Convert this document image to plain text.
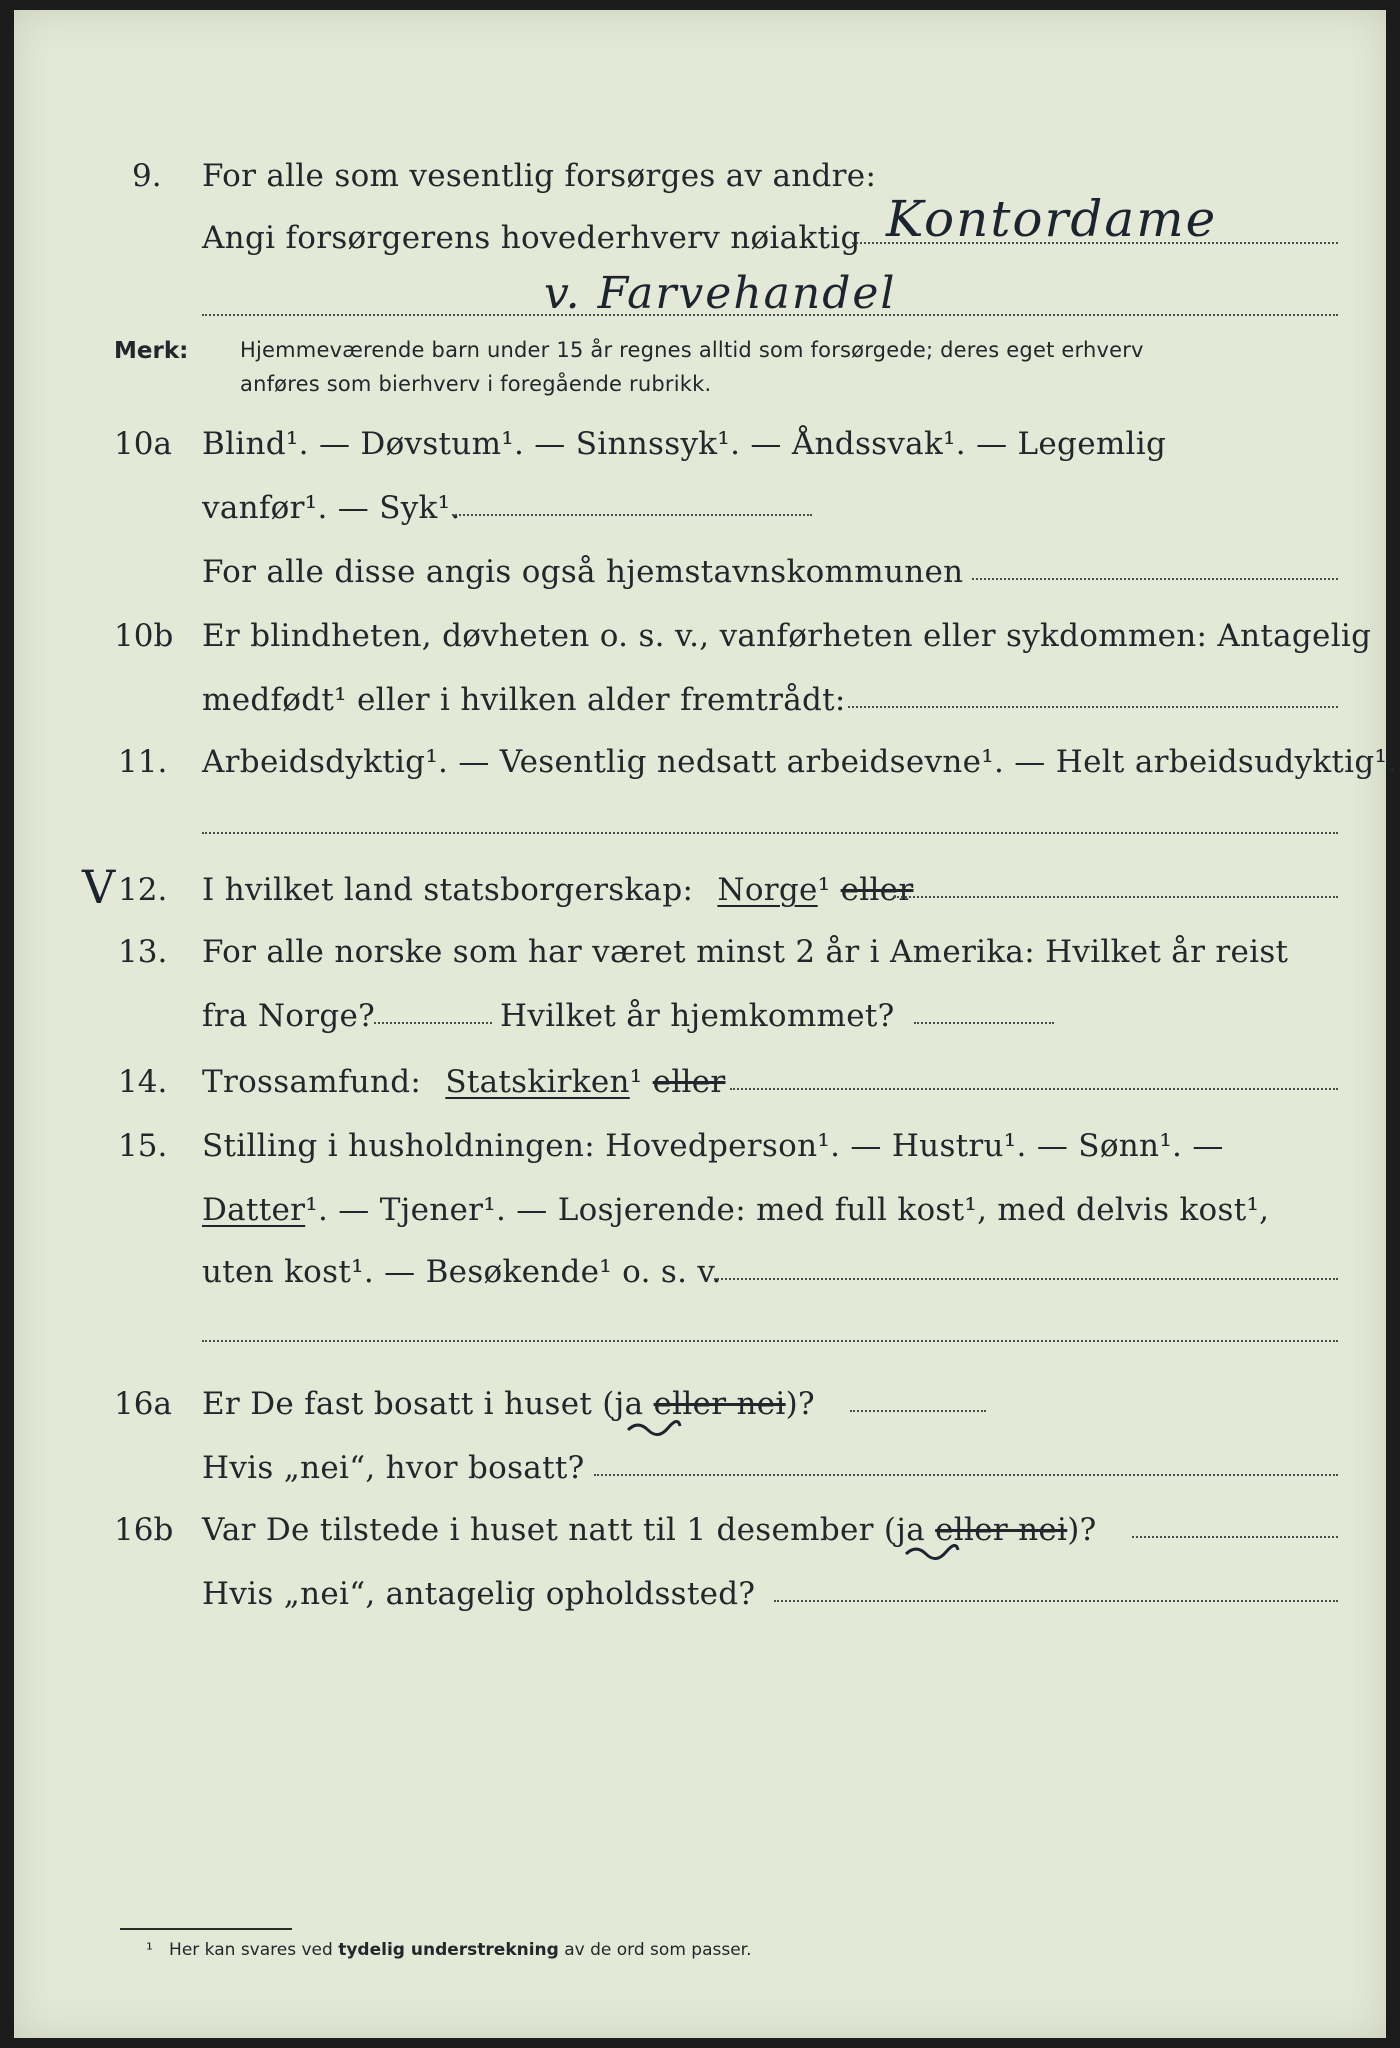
9. For alle som vesentlig forsørges av andre:
Angi forsørgerens hovederhverv nøiaktig Kontordame
v. Farvehandel
Merk: Hjemmeværende barn under 15 år regnes alltid som forsørgede; deres eget erhverv
anføres som bierhverv i foregående rubrikk.
10a Blind¹. — Døvstum¹. — Sinnssyk¹. — Åndssvak¹. — Legemlig
vanfør¹. — Syk¹.
For alle disse angis også hjemstavnskommunen
10b Er blindheten, døvheten o. s. v., vanførheten eller sykdommen: Antagelig
medfødt¹ eller i hvilken alder fremtrådt:
11. Arbeidsdyktig¹. — Vesentlig nedsatt arbeidsevne¹. — Helt arbeidsudyktig¹.
V 12. I hvilket land statsborgerskap: Norge¹ eller
13. For alle norske som har været minst 2 år i Amerika: Hvilket år reist
fra Norge?	Hvilket år hjemkommet?
14. Trossamfund: Statskirken¹ eller
15. Stilling i husholdningen: Hovedperson¹. — Hustru¹. — Sønn¹. —
Datter¹. — Tjener¹. — Losjerende: med full kost¹, med delvis kost¹,
uten kost¹. — Besøkende¹ o. s. v.
16a Er De fast bosatt i huset (ja eller nei)?
Hvis „nei“, hvor bosatt?
16b Var De tilstede i huset natt til 1 desember (ja eller nei)?
Hvis „nei“, antagelig opholdssted?
¹ Her kan svares ved tydelig understrekning av de ord som passer.
